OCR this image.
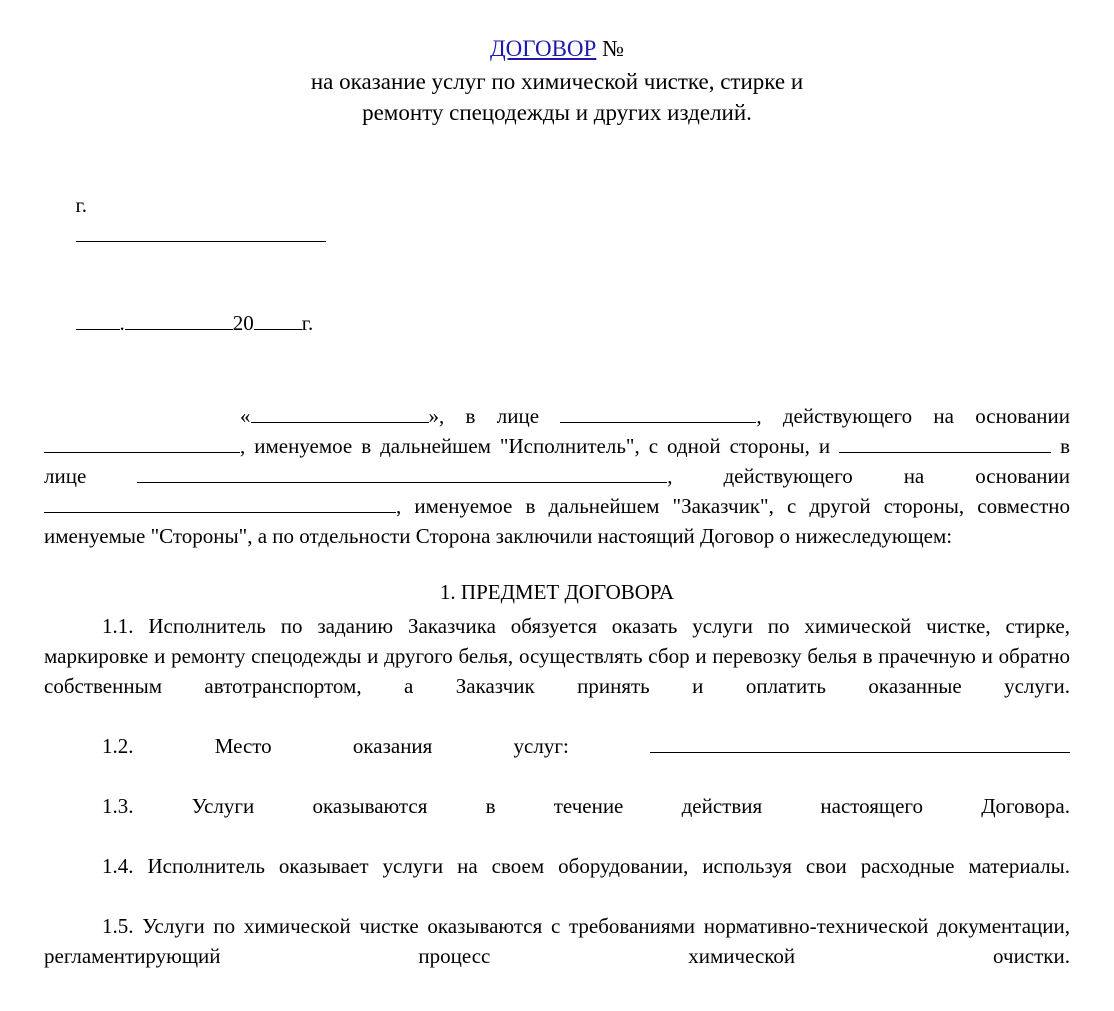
ДОГОВОР №
на оказание услуг по химической чистке, стирке и
ремонту спецодежды и других изделий.

г.

.	20 г.

«	», в лице	, действующего на основании , именуемое в дальнейшем "Исполнитель", с одной стороны, и	в лице	, действующего на основании , именуемое в дальнейшем "Заказчик", с другой стороны, совместно именуемые "Стороны", а по отдельности Сторона заключили настоящий Договор о нижеследующем:
1. ПРЕДМЕТ ДОГОВОРА
1.1. Исполнитель по заданию Заказчика обязуется оказать услуги по химической чистке, стирке, маркировке и ремонту спецодежды и другого белья, осуществлять сбор и перевозку белья в прачечную и обратно собственным автотранспортом, а Заказчик принять и оплатить оказанные услуги.
1.2. Место оказания услуг:
1.3. Услуги оказываются в течение действия настоящего Договора.
1.4. Исполнитель оказывает услуги на своем оборудовании, используя свои расходные материалы.
1.5. Услуги по химической чистке оказываются с требованиями нормативно-технической документации, регламентирующий процесс химической очистки.
